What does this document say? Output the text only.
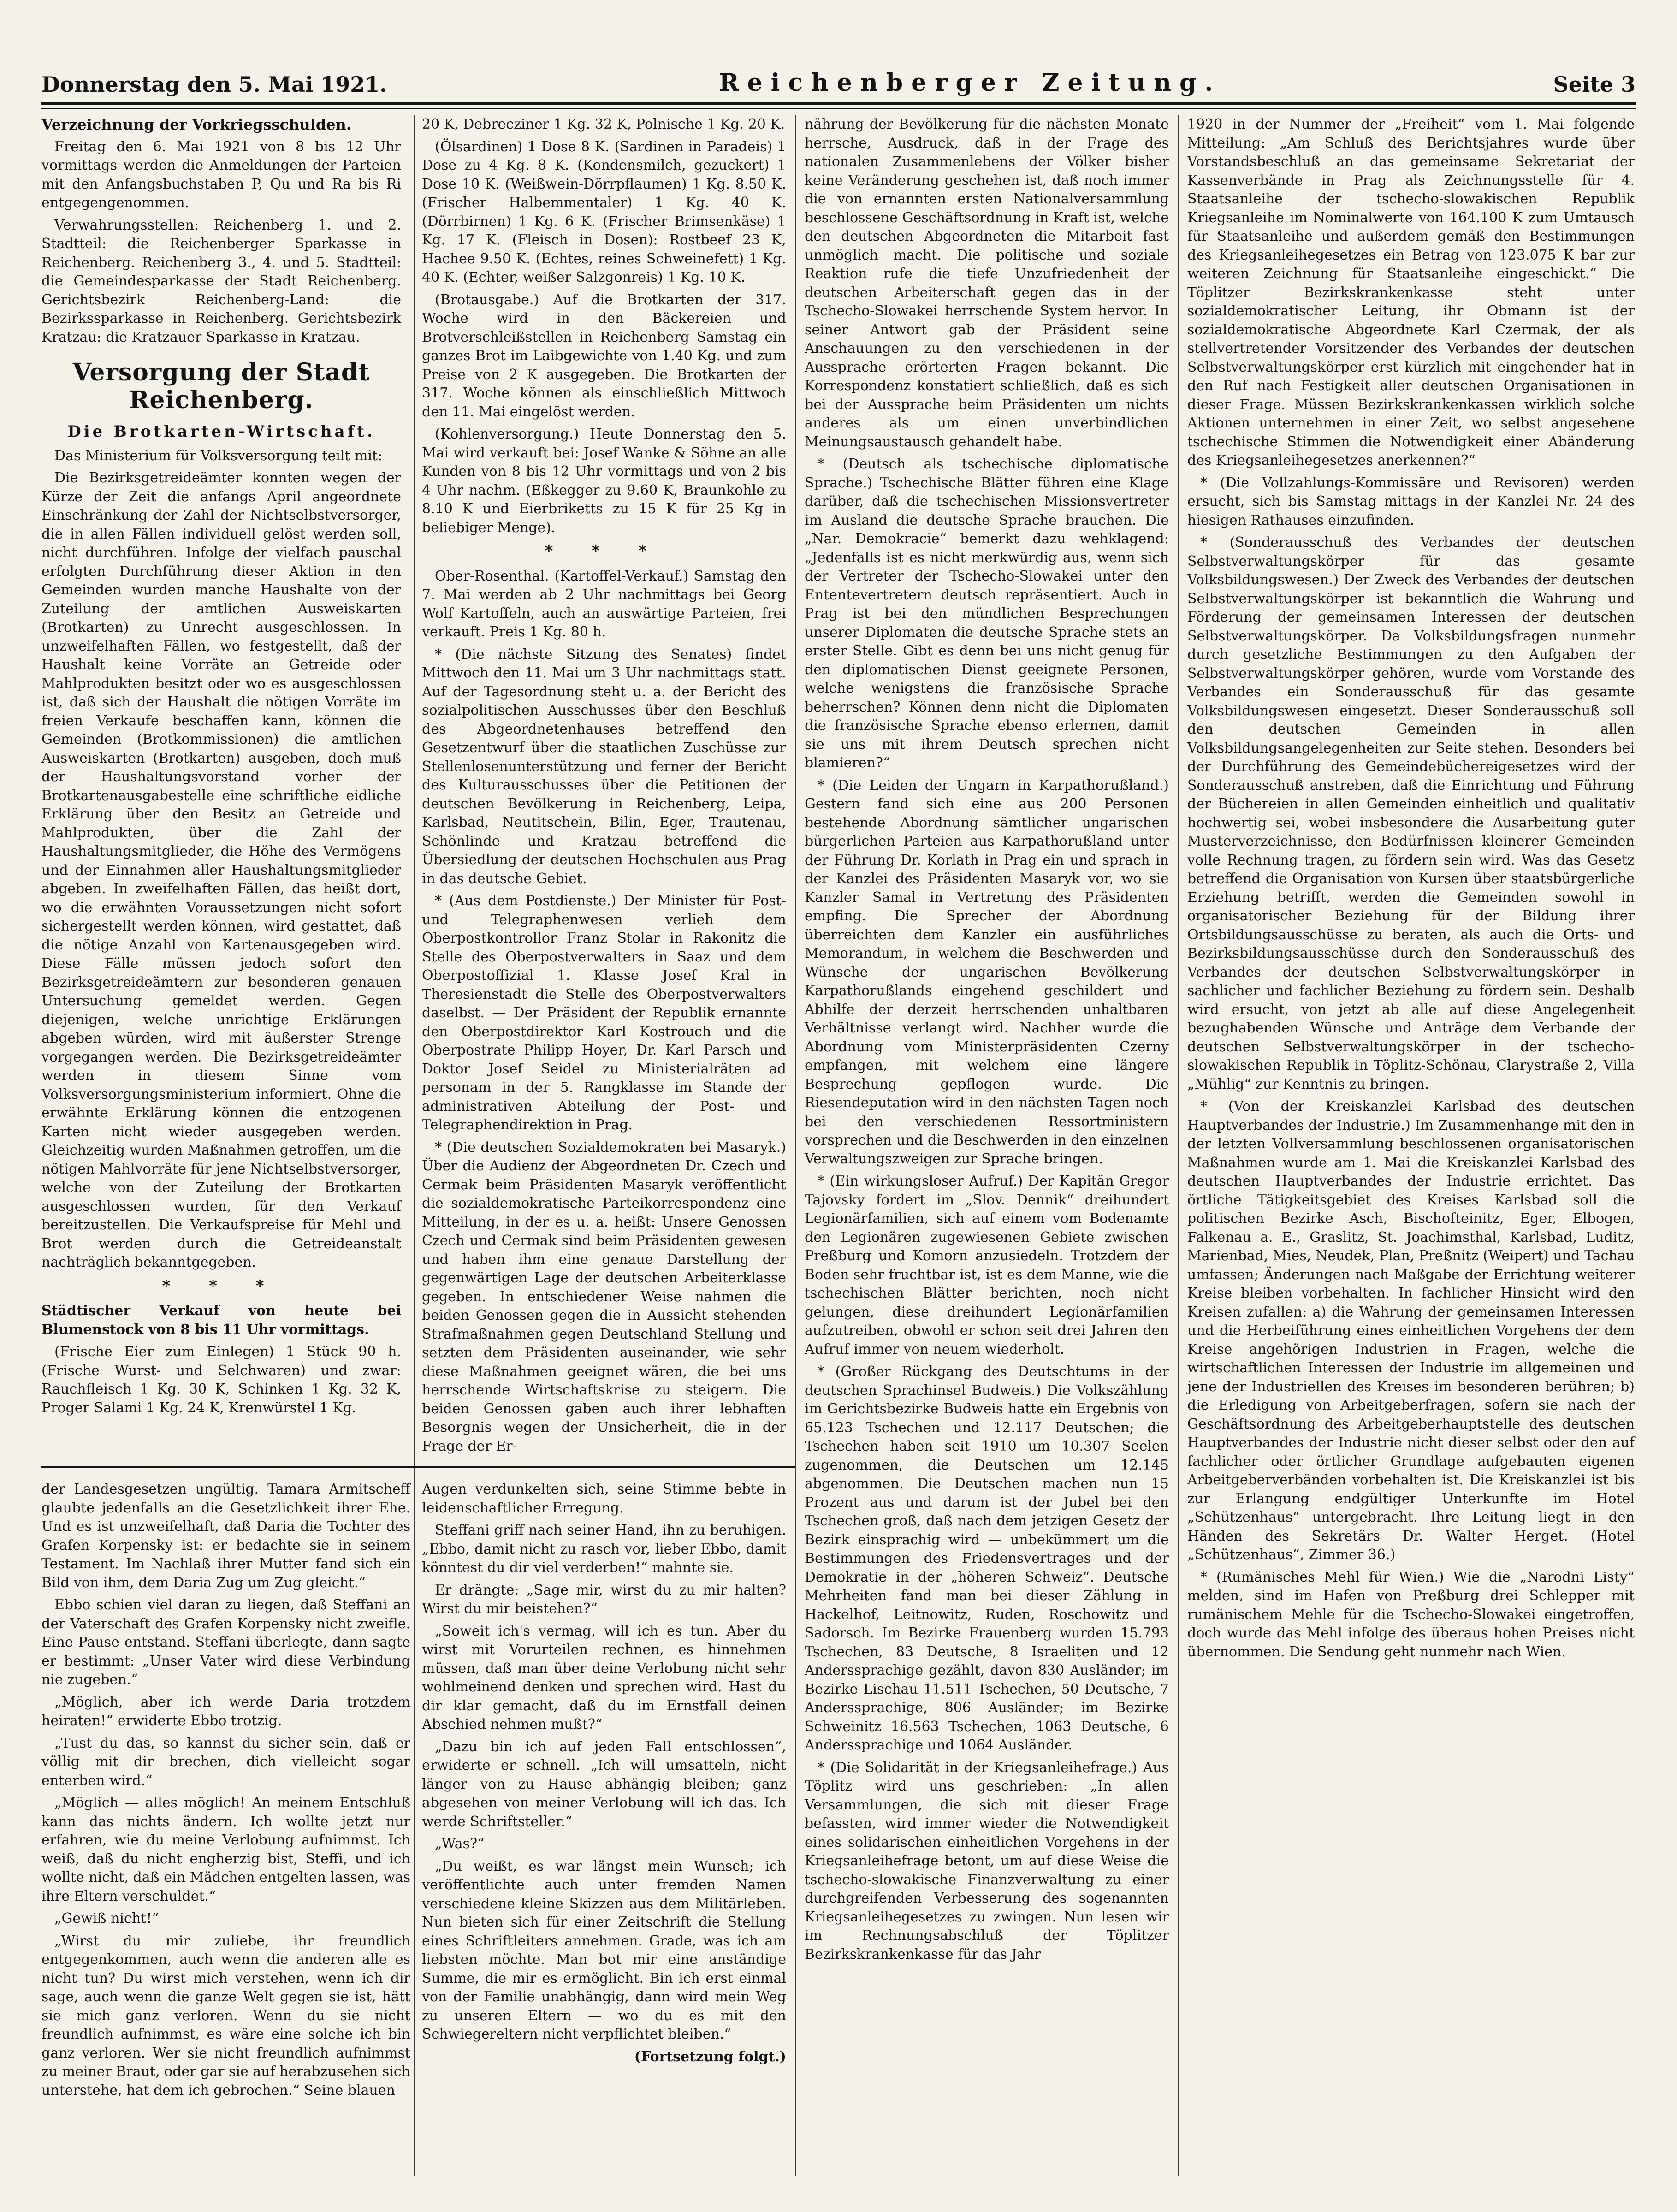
Donnerstag den 5. Mai 1921.	Reichenberger Zeitung.	Seite 3

Verzeichnung der Vorkriegsschulden.

Freitag den 6. Mai 1921 von 8 bis 12 Uhr vormittags werden die Anmeldungen der Parteien mit den Anfangsbuchstaben P, Qu und Ra bis Ri entgegengenommen.

Verwahrungsstellen: Reichenberg 1. und 2. Stadtteil: die Reichenberger Sparkasse in Reichenberg. Reichenberg 3., 4. und 5. Stadtteil: die Gemeindesparkasse der Stadt Reichenberg. Gerichtsbezirk Reichenberg-Land: die Bezirkssparkasse in Reichenberg. Gerichtsbezirk Kratzau: die Kratzauer Sparkasse in Kratzau.

Versorgung der Stadt Reichenberg.
Die Brotkarten-Wirtschaft.

Das Ministerium für Volksversorgung teilt mit:

Die Bezirksgetreideämter konnten wegen der Kürze der Zeit die anfangs April angeordnete Einschränkung der Zahl der Nichtselbstversorger, die in allen Fällen individuell gelöst werden soll, nicht durchführen. Infolge der vielfach pauschal erfolgten Durchführung dieser Aktion in den Gemeinden wurden manche Haushalte von der Zuteilung der amtlichen Ausweiskarten (Brotkarten) zu Unrecht ausgeschlossen. In unzweifelhaften Fällen, wo festgestellt, daß der Haushalt keine Vorräte an Getreide oder Mahlprodukten besitzt oder wo es ausgeschlossen ist, daß sich der Haushalt die nötigen Vorräte im freien Verkaufe beschaffen kann, können die Gemeinden (Brotkommissionen) die amtlichen Ausweiskarten (Brotkarten) ausgeben, doch muß der Haushaltungsvorstand vorher der Brotkartenausgabestelle eine schriftliche eidliche Erklärung über den Besitz an Getreide und Mahlprodukten, über die Zahl der Haushaltungsmitglieder, die Höhe des Vermögens und der Einnahmen aller Haushaltungsmitglieder abgeben. In zweifelhaften Fällen, das heißt dort, wo die erwähnten Voraussetzungen nicht sofort sichergestellt werden können, wird gestattet, daß die nötige Anzahl von Kartenausgegeben wird. Diese Fälle müssen jedoch sofort den Bezirksgetreideämtern zur besonderen genauen Untersuchung gemeldet werden. Gegen diejenigen, welche unrichtige Erklärungen abgeben würden, wird mit äußerster Strenge vorgegangen werden. Die Bezirksgetreideämter werden in diesem Sinne vom Volksversorgungsministerium informiert. Ohne die erwähnte Erklärung können die entzogenen Karten nicht wieder ausgegeben werden. Gleichzeitig wurden Maßnahmen getroffen, um die nötigen Mahlvorräte für jene Nichtselbstversorger, welche von der Zuteilung der Brotkarten ausgeschlossen wurden, für den Verkauf bereitzustellen. Die Verkaufspreise für Mehl und Brot werden durch die Getreideanstalt nachträglich bekanntgegeben.

* * *

Städtischer Verkauf von heute bei Blumenstock von 8 bis 11 Uhr vormittags.

(Frische Eier zum Einlegen) 1 Stück 90 h. (Frische Wurst- und Selchwaren) und zwar: Rauchfleisch 1 Kg. 30 K, Schinken 1 Kg. 32 K, Proger Salami 1 Kg. 24 K, Krenwürstel 1 Kg.

20 K, Debrecziner 1 Kg. 32 K, Polnische 1 Kg. 20 K.

(Ölsardinen) 1 Dose 8 K. (Sardinen in Paradeis) 1 Dose zu 4 Kg. 8 K. (Kondensmilch, gezuckert) 1 Dose 10 K. (Weißwein-Dörrpflaumen) 1 Kg. 8.50 K. (Frischer Halbemmentaler) 1 Kg. 40 K. (Dörrbirnen) 1 Kg. 6 K. (Frischer Brimsenkäse) 1 Kg. 17 K. (Fleisch in Dosen): Rostbeef 23 K, Hachee 9.50 K. (Echtes, reines Schweinefett) 1 Kg. 40 K. (Echter, weißer Salzgonreis) 1 Kg. 10 K.

(Brotausgabe.) Auf die Brotkarten der 317. Woche wird in den Bäckereien und Brotverschleißstellen in Reichenberg Samstag ein ganzes Brot im Laibgewichte von 1.40 Kg. und zum Preise von 2 K ausgegeben. Die Brotkarten der 317. Woche können als einschließlich Mittwoch den 11. Mai eingelöst werden.

(Kohlenversorgung.) Heute Donnerstag den 5. Mai wird verkauft bei: Josef Wanke & Söhne an alle Kunden von 8 bis 12 Uhr vormittags und von 2 bis 4 Uhr nachm. (Eßkegger zu 9.60 K, Braunkohle zu 8.10 K und Eierbriketts zu 15 K für 25 Kg in beliebiger Menge).

* * *

Ober-Rosenthal. (Kartoffel-Verkauf.) Samstag den 7. Mai werden ab 2 Uhr nachmittags bei Georg Wolf Kartoffeln, auch an auswärtige Parteien, frei verkauft. Preis 1 Kg. 80 h.

* (Die nächste Sitzung des Senates) findet Mittwoch den 11. Mai um 3 Uhr nachmittags statt. Auf der Tagesordnung steht u. a. der Bericht des sozialpolitischen Ausschusses über den Beschluß des Abgeordnetenhauses betreffend den Gesetzentwurf über die staatlichen Zuschüsse zur Stellenlosenunterstützung und ferner der Bericht des Kulturausschusses über die Petitionen der deutschen Bevölkerung in Reichenberg, Leipa, Karlsbad, Neutitschein, Bilin, Eger, Trautenau, Schönlinde und Kratzau betreffend die Übersiedlung der deutschen Hochschulen aus Prag in das deutsche Gebiet.

* (Aus dem Postdienste.) Der Minister für Post- und Telegraphenwesen verlieh dem Oberpostkontrollor Franz Stolar in Rakonitz die Stelle des Oberpostverwalters in Saaz und dem Oberpostoffizial 1. Klasse Josef Kral in Theresienstadt die Stelle des Oberpostverwalters daselbst. — Der Präsident der Republik ernannte den Oberpostdirektor Karl Kostrouch und die Oberpostrate Philipp Hoyer, Dr. Karl Parsch und Doktor Josef Seidel zu Ministerialräten ad personam in der 5. Rangklasse im Stande der administrativen Abteilung der Post- und Telegraphendirektion in Prag.

* (Die deutschen Sozialdemokraten bei Masaryk.) Über die Audienz der Abgeordneten Dr. Czech und Cermak beim Präsidenten Masaryk veröffentlicht die sozialdemokratische Parteikorrespondenz eine Mitteilung, in der es u. a. heißt: Unsere Genossen Czech und Cermak sind beim Präsidenten gewesen und haben ihm eine genaue Darstellung der gegenwärtigen Lage der deutschen Arbeiterklasse gegeben. In entschiedener Weise nahmen die beiden Genossen gegen die in Aussicht stehenden Strafmaßnahmen gegen Deutschland Stellung und setzten dem Präsidenten auseinander, wie sehr diese Maßnahmen geeignet wären, die bei uns herrschende Wirtschaftskrise zu steigern. Die beiden Genossen gaben auch ihrer lebhaften Besorgnis wegen der Unsicherheit, die in der Frage der Er-

nährung der Bevölkerung für die nächsten Monate herrsche, Ausdruck, daß in der Frage des nationalen Zusammenlebens der Völker bisher keine Veränderung geschehen ist, daß noch immer die von ernannten ersten Nationalversammlung beschlossene Geschäftsordnung in Kraft ist, welche den deutschen Abgeordneten die Mitarbeit fast unmöglich macht. Die politische und soziale Reaktion rufe die tiefe Unzufriedenheit der deutschen Arbeiterschaft gegen das in der Tschecho-Slowakei herrschende System hervor. In seiner Antwort gab der Präsident seine Anschauungen zu den verschiedenen in der Aussprache erörterten Fragen bekannt. Die Korrespondenz konstatiert schließlich, daß es sich bei der Aussprache beim Präsidenten um nichts anderes als um einen unverbindlichen Meinungsaustausch gehandelt habe.

* (Deutsch als tschechische diplomatische Sprache.) Tschechische Blätter führen eine Klage darüber, daß die tschechischen Missionsvertreter im Ausland die deutsche Sprache brauchen. Die „Nar. Demokracie“ bemerkt dazu wehklagend: „Jedenfalls ist es nicht merkwürdig aus, wenn sich der Vertreter der Tschecho-Slowakei unter den Ententevertretern deutsch repräsentiert. Auch in Prag ist bei den mündlichen Besprechungen unserer Diplomaten die deutsche Sprache stets an erster Stelle. Gibt es denn bei uns nicht genug für den diplomatischen Dienst geeignete Personen, welche wenigstens die französische Sprache beherrschen? Können denn nicht die Diplomaten die französische Sprache ebenso erlernen, damit sie uns mit ihrem Deutsch sprechen nicht blamieren?“

* (Die Leiden der Ungarn in Karpathorußland.) Gestern fand sich eine aus 200 Personen bestehende Abordnung sämtlicher ungarischen bürgerlichen Parteien aus Karpathorußland unter der Führung Dr. Korlath in Prag ein und sprach in der Kanzlei des Präsidenten Masaryk vor, wo sie Kanzler Samal in Vertretung des Präsidenten empfing. Die Sprecher der Abordnung überreichten dem Kanzler ein ausführliches Memorandum, in welchem die Beschwerden und Wünsche der ungarischen Bevölkerung Karpathorußlands eingehend geschildert und Abhilfe der derzeit herrschenden unhaltbaren Verhältnisse verlangt wird. Nachher wurde die Abordnung vom Ministerpräsidenten Czerny empfangen, mit welchem eine längere Besprechung gepflogen wurde. Die Riesendeputation wird in den nächsten Tagen noch bei den verschiedenen Ressortministern vorsprechen und die Beschwerden in den einzelnen Verwaltungszweigen zur Sprache bringen.

* (Ein wirkungsloser Aufruf.) Der Kapitän Gregor Tajovsky fordert im „Slov. Dennik“ dreihundert Legionärfamilien, sich auf einem vom Bodenamte den Legionären zugewiesenen Gebiete zwischen Preßburg und Komorn anzusiedeln. Trotzdem der Boden sehr fruchtbar ist, ist es dem Manne, wie die tschechischen Blätter berichten, noch nicht gelungen, diese dreihundert Legionärfamilien aufzutreiben, obwohl er schon seit drei Jahren den Aufruf immer von neuem wiederholt.

* (Großer Rückgang des Deutschtums in der deutschen Sprachinsel Budweis.) Die Volkszählung im Gerichtsbezirke Budweis hatte ein Ergebnis von 65.123 Tschechen und 12.117 Deutschen; die Tschechen haben seit 1910 um 10.307 Seelen zugenommen, die Deutschen um 12.145 abgenommen. Die Deutschen machen nun 15 Prozent aus und darum ist der Jubel bei den Tschechen groß, daß nach dem jetzigen Gesetz der Bezirk einsprachig wird — unbekümmert um die Bestimmungen des Friedensvertrages und der Demokratie in der „höheren Schweiz“. Deutsche Mehrheiten fand man bei dieser Zählung in Hackelhof, Leitnowitz, Ruden, Roschowitz und Sadorsch. Im Bezirke Frauenberg wurden 15.793 Tschechen, 83 Deutsche, 8 Israeliten und 12 Anderssprachige gezählt, davon 830 Ausländer; im Bezirke Lischau 11.511 Tschechen, 50 Deutsche, 7 Anderssprachige, 806 Ausländer; im Bezirke Schweinitz 16.563 Tschechen, 1063 Deutsche, 6 Anderssprachige und 1064 Ausländer.

* (Die Solidarität in der Kriegsanleihefrage.) Aus Töplitz wird uns geschrieben: „In allen Versammlungen, die sich mit dieser Frage befassten, wird immer wieder die Notwendigkeit eines solidarischen einheitlichen Vorgehens in der Kriegsanleihefrage betont, um auf diese Weise die tschecho-slowakische Finanzverwaltung zu einer durchgreifenden Verbesserung des sogenannten Kriegsanleihegesetzes zu zwingen. Nun lesen wir im Rechnungsabschluß der Töplitzer Bezirkskrankenkasse für das Jahr

1920 in der Nummer der „Freiheit“ vom 1. Mai folgende Mitteilung: „Am Schluß des Berichtsjahres wurde über Vorstandsbeschluß an das gemeinsame Sekretariat der Kassenverbände in Prag als Zeichnungsstelle für 4. Staatsanleihe der tschecho-slowakischen Republik Kriegsanleihe im Nominalwerte von 164.100 K zum Umtausch für Staatsanleihe und außerdem gemäß den Bestimmungen des Kriegsanleihegesetzes ein Betrag von 123.075 K bar zur weiteren Zeichnung für Staatsanleihe eingeschickt.“ Die Töplitzer Bezirkskrankenkasse steht unter sozialdemokratischer Leitung, ihr Obmann ist der sozialdemokratische Abgeordnete Karl Czermak, der als stellvertretender Vorsitzender des Verbandes der deutschen Selbstverwaltungskörper erst kürzlich mit eingehender hat in den Ruf nach Festigkeit aller deutschen Organisationen in dieser Frage. Müssen Bezirkskrankenkassen wirklich solche Aktionen unternehmen in einer Zeit, wo selbst angesehene tschechische Stimmen die Notwendigkeit einer Abänderung des Kriegsanleihegesetzes anerkennen?“

* (Die Vollzahlungs-Kommissäre und Revisoren) werden ersucht, sich bis Samstag mittags in der Kanzlei Nr. 24 des hiesigen Rathauses einzufinden.

* (Sonderausschuß des Verbandes der deutschen Selbstverwaltungskörper für das gesamte Volksbildungswesen.) Der Zweck des Verbandes der deutschen Selbstverwaltungskörper ist bekanntlich die Wahrung und Förderung der gemeinsamen Interessen der deutschen Selbstverwaltungskörper. Da Volksbildungsfragen nunmehr durch gesetzliche Bestimmungen zu den Aufgaben der Selbstverwaltungskörper gehören, wurde vom Vorstande des Verbandes ein Sonderausschuß für das gesamte Volksbildungswesen eingesetzt. Dieser Sonderausschuß soll den deutschen Gemeinden in allen Volksbildungsangelegenheiten zur Seite stehen. Besonders bei der Durchführung des Gemeindebüchereigesetzes wird der Sonderausschuß anstreben, daß die Einrichtung und Führung der Büchereien in allen Gemeinden einheitlich und qualitativ hochwertig sei, wobei insbesondere die Ausarbeitung guter Musterverzeichnisse, den Bedürfnissen kleinerer Gemeinden volle Rechnung tragen, zu fördern sein wird. Was das Gesetz betreffend die Organisation von Kursen über staatsbürgerliche Erziehung betrifft, werden die Gemeinden sowohl in organisatorischer Beziehung für der Bildung ihrer Ortsbildungsausschüsse zu beraten, als auch die Orts- und Bezirksbildungsausschüsse durch den Sonderausschuß des Verbandes der deutschen Selbstverwaltungskörper in sachlicher und fachlicher Beziehung zu fördern sein. Deshalb wird ersucht, von jetzt ab alle auf diese Angelegenheit bezughabenden Wünsche und Anträge dem Verbande der deutschen Selbstverwaltungskörper in der tschecho-slowakischen Republik in Töplitz-Schönau, Clarystraße 2, Villa „Mühlig“ zur Kenntnis zu bringen.

* (Von der Kreiskanzlei Karlsbad des deutschen Hauptverbandes der Industrie.) Im Zusammenhange mit den in der letzten Vollversammlung beschlossenen organisatorischen Maßnahmen wurde am 1. Mai die Kreiskanzlei Karlsbad des deutschen Hauptverbandes der Industrie errichtet. Das örtliche Tätigkeitsgebiet des Kreises Karlsbad soll die politischen Bezirke Asch, Bischofteinitz, Eger, Elbogen, Falkenau a. E., Graslitz, St. Joachimsthal, Karlsbad, Luditz, Marienbad, Mies, Neudek, Plan, Preßnitz (Weipert) und Tachau umfassen; Änderungen nach Maßgabe der Errichtung weiterer Kreise bleiben vorbehalten. In fachlicher Hinsicht wird den Kreisen zufallen: a) die Wahrung der gemeinsamen Interessen und die Herbeiführung eines einheitlichen Vorgehens der dem Kreise angehörigen Industrien in Fragen, welche die wirtschaftlichen Interessen der Industrie im allgemeinen und jene der Industriellen des Kreises im besonderen berühren; b) die Erledigung von Arbeitgeberfragen, sofern sie nach der Geschäftsordnung des Arbeitgeberhauptstelle des deutschen Hauptverbandes der Industrie nicht dieser selbst oder den auf fachlicher oder örtlicher Grundlage aufgebauten eigenen Arbeitgeberverbänden vorbehalten ist. Die Kreiskanzlei ist bis zur Erlangung endgültiger Unterkunfte im Hotel „Schützenhaus“ untergebracht. Ihre Leitung liegt in den Händen des Sekretärs Dr. Walter Herget. (Hotel „Schützenhaus“, Zimmer 36.)

* (Rumänisches Mehl für Wien.) Wie die „Narodni Listy“ melden, sind im Hafen von Preßburg drei Schlepper mit rumänischem Mehle für die Tschecho-Slowakei eingetroffen, doch wurde das Mehl infolge des überaus hohen Preises nicht übernommen. Die Sendung geht nunmehr nach Wien.

der Landesgesetzen ungültig. Tamara Armitscheff glaubte jedenfalls an die Gesetzlichkeit ihrer Ehe. Und es ist unzweifelhaft, daß Daria die Tochter des Grafen Korpensky ist: er bedachte sie in seinem Testament. Im Nachlaß ihrer Mutter fand sich ein Bild von ihm, dem Daria Zug um Zug gleicht.“

Ebbo schien viel daran zu liegen, daß Steffani an der Vaterschaft des Grafen Korpensky nicht zweifle. Eine Pause entstand. Steffani überlegte, dann sagte er bestimmt: „Unser Vater wird diese Verbindung nie zugeben.“

„Möglich, aber ich werde Daria trotzdem heiraten!“ erwiderte Ebbo trotzig.

„Tust du das, so kannst du sicher sein, daß er völlig mit dir brechen, dich vielleicht sogar enterben wird.“

„Möglich — alles möglich! An meinem Entschluß kann das nichts ändern. Ich wollte jetzt nur erfahren, wie du meine Verlobung aufnimmst. Ich weiß, daß du nicht engherzig bist, Steffi, und ich wollte nicht, daß ein Mädchen entgelten lassen, was ihre Eltern verschuldet.“

„Gewiß nicht!“

„Wirst du mir zuliebe, ihr freundlich entgegenkommen, auch wenn die anderen alle es nicht tun? Du wirst mich verstehen, wenn ich dir sage, auch wenn die ganze Welt gegen sie ist, hätt sie mich ganz verloren. Wenn du sie nicht freundlich aufnimmst, es wäre eine solche ich bin ganz verloren. Wer sie nicht freundlich aufnimmst zu meiner Braut, oder gar sie auf herabzusehen sich unterstehe, hat dem ich gebrochen.“ Seine blauen

Augen verdunkelten sich, seine Stimme bebte in leidenschaftlicher Erregung.

Steffani griff nach seiner Hand, ihn zu beruhigen. „Ebbo, damit nicht zu rasch vor, lieber Ebbo, damit könntest du dir viel verderben!“ mahnte sie.

Er drängte: „Sage mir, wirst du zu mir halten? Wirst du mir beistehen?“

„Soweit ich's vermag, will ich es tun. Aber du wirst mit Vorurteilen rechnen, es hinnehmen müssen, daß man über deine Verlobung nicht sehr wohlmeinend denken und sprechen wird. Hast du dir klar gemacht, daß du im Ernstfall deinen Abschied nehmen mußt?“

„Dazu bin ich auf jeden Fall entschlossen“, erwiderte er schnell. „Ich will umsatteln, nicht länger von zu Hause abhängig bleiben; ganz abgesehen von meiner Verlobung will ich das. Ich werde Schriftsteller.“

„Was?“

„Du weißt, es war längst mein Wunsch; ich veröffentlichte auch unter fremden Namen verschiedene kleine Skizzen aus dem Militärleben. Nun bieten sich für einer Zeitschrift die Stellung eines Schriftleiters annehmen. Grade, was ich am liebsten möchte. Man bot mir eine anständige Summe, die mir es ermöglicht. Bin ich erst einmal von der Familie unabhängig, dann wird mein Weg zu unseren Eltern — wo du es mit den Schwiegereltern nicht verpflichtet bleiben.“

(Fortsetzung folgt.)
